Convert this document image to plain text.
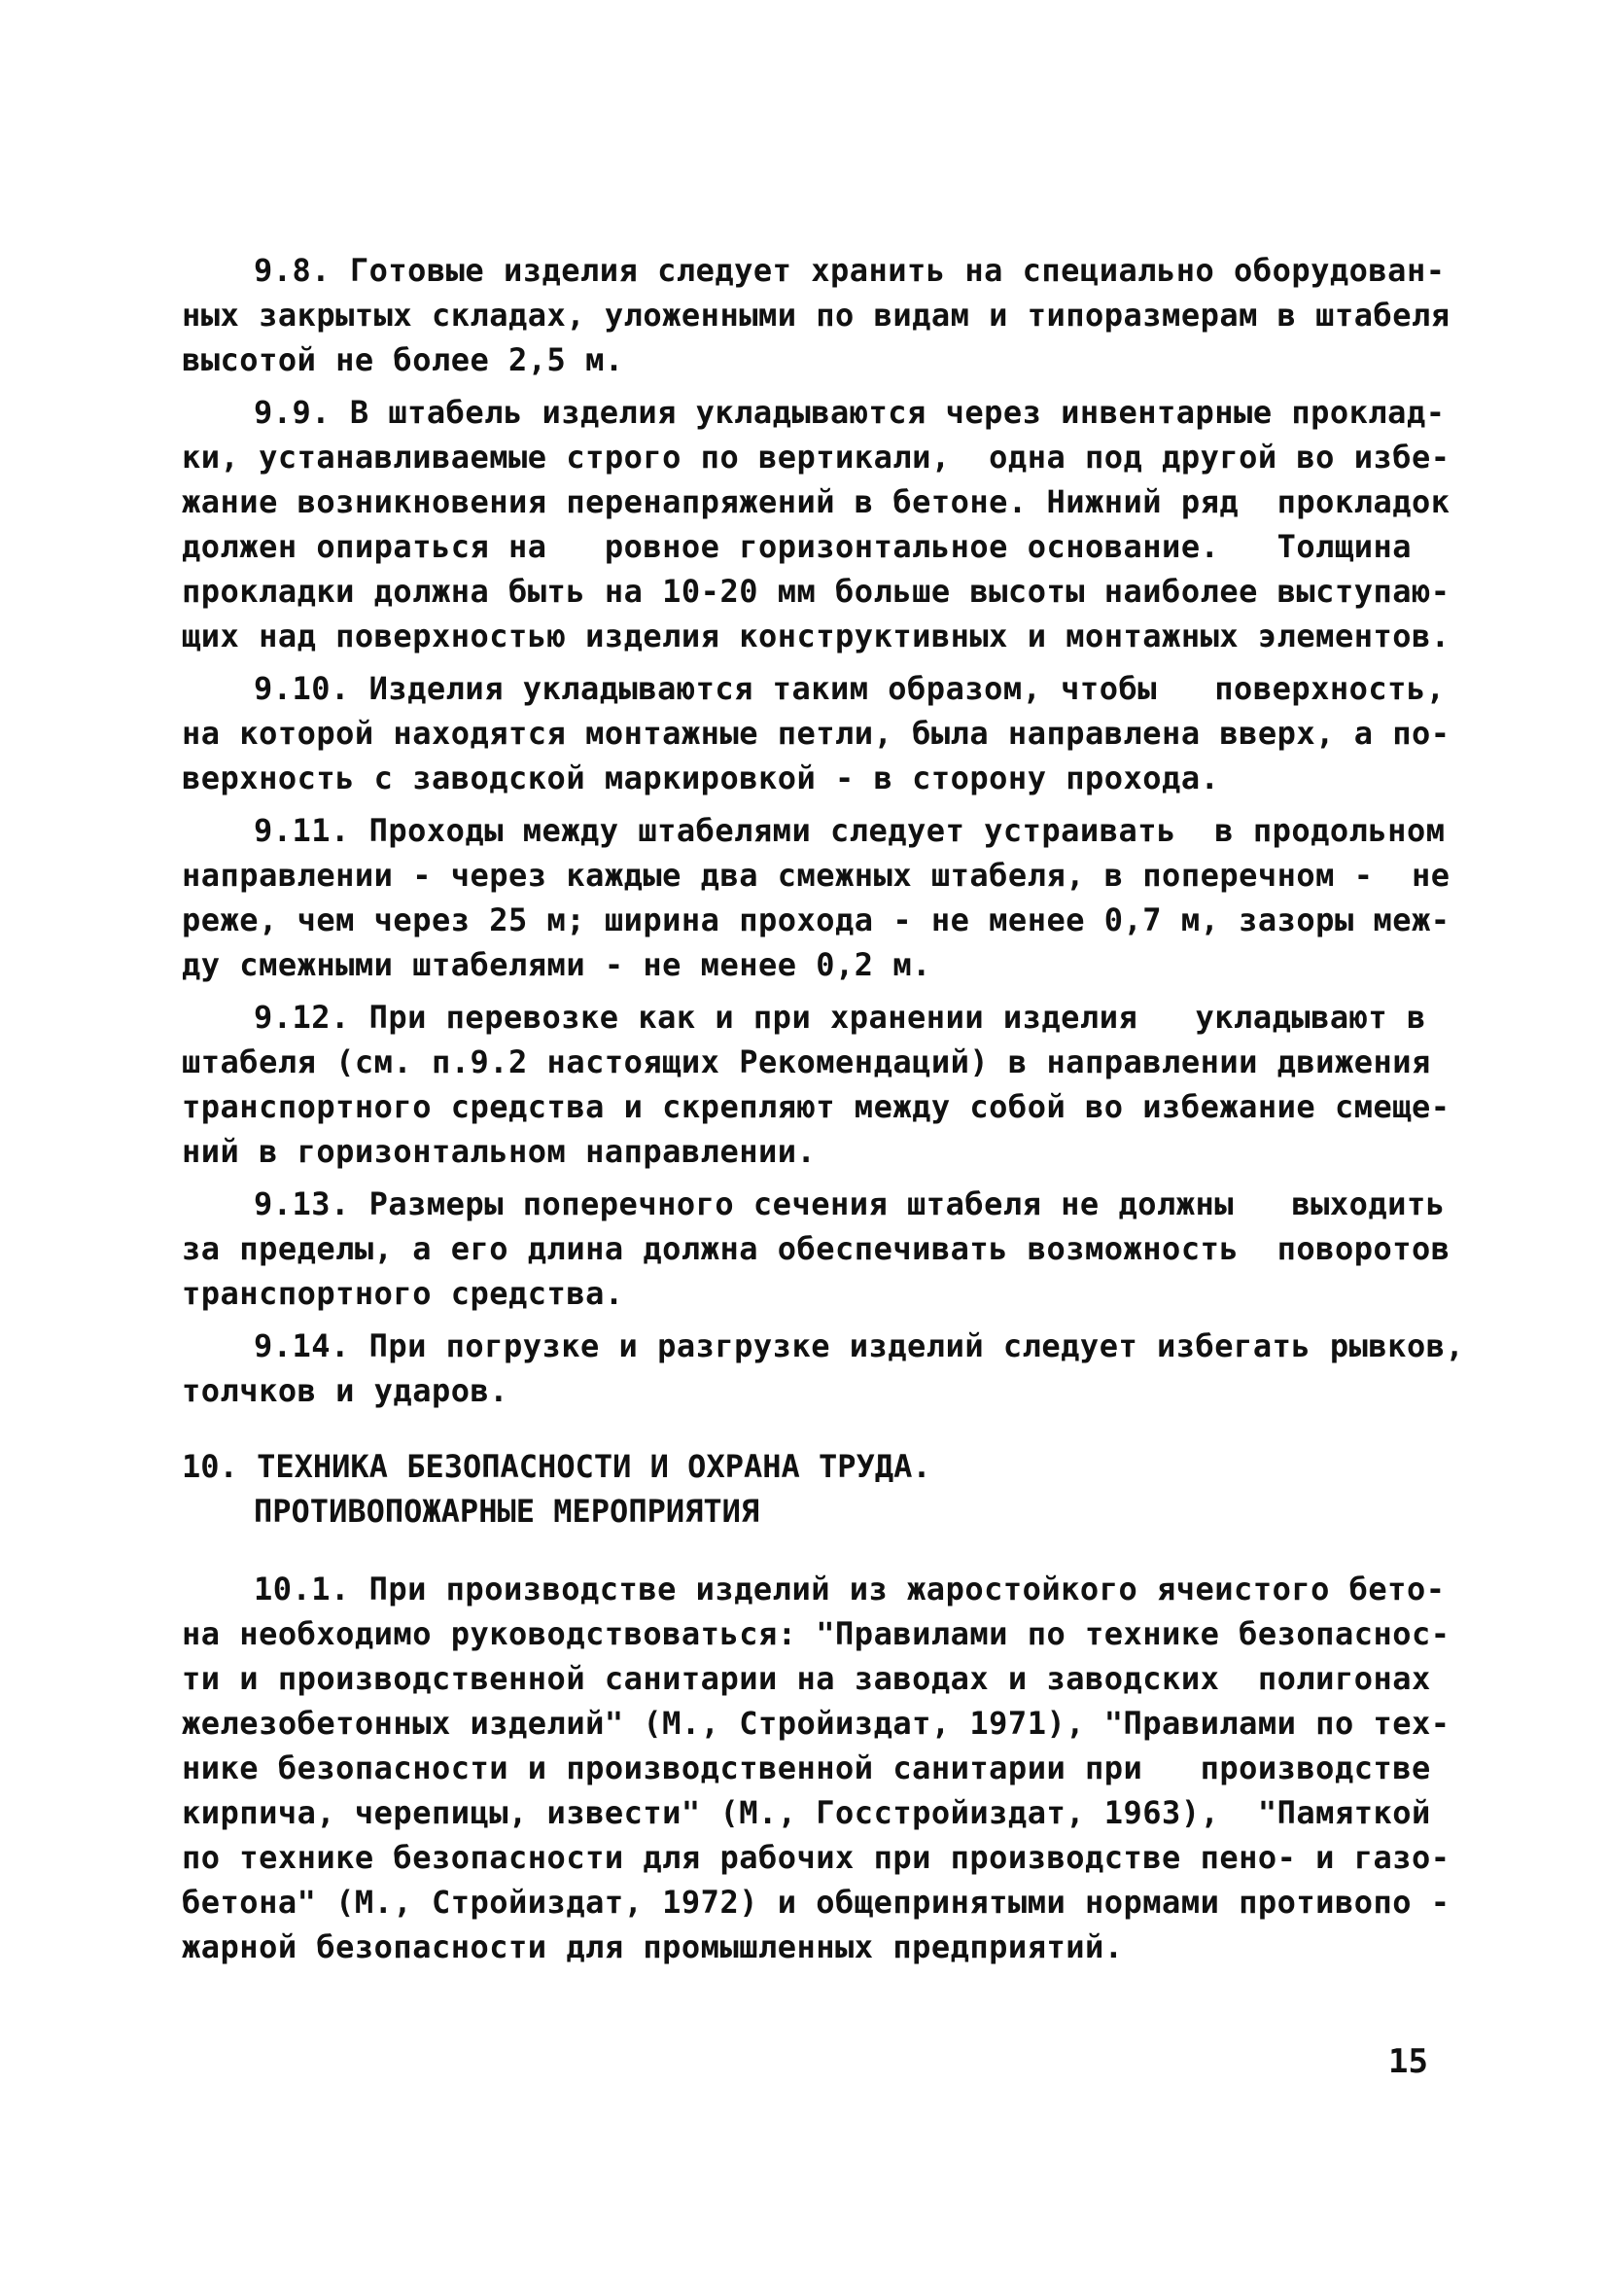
9.8. Готовые изделия следует хранить на специально оборудован-
ных закрытых складах, уложенными по видам и типоразмерам в штабеля
высотой не более 2,5 м.
9.9. В штабель изделия укладываются через инвентарные проклад-
ки, устанавливаемые строго по вертикали,  одна под другой во избе-
жание возникновения перенапряжений в бетоне. Нижний ряд  прокладок
должен опираться на   ровное горизонтальное основание.   Толщина
прокладки должна быть на 10-20 мм больше высоты наиболее выступаю-
щих над поверхностью изделия конструктивных и монтажных элементов.
9.10. Изделия укладываются таким образом, чтобы   поверхность,
на которой находятся монтажные петли, была направлена вверх, а по-
верхность с заводской маркировкой - в сторону прохода.
9.11. Проходы между штабелями следует устраивать  в продольном
направлении - через каждые два смежных штабеля, в поперечном -  не
реже, чем через 25 м; ширина прохода - не менее 0,7 м, зазоры меж-
ду смежными штабелями - не менее 0,2 м.
9.12. При перевозке как и при хранении изделия   укладывают в
штабеля (см. п.9.2 настоящих Рекомендаций) в направлении движения
транспортного средства и скрепляют между собой во избежание смеще-
ний в горизонтальном направлении.
9.13. Размеры поперечного сечения штабеля не должны   выходить
за пределы, а его длина должна обеспечивать возможность  поворотов
транспортного средства.
9.14. При погрузке и разгрузке изделий следует избегать рывков,
толчков и ударов.
10. ТЕХНИКА БЕЗОПАСНОСТИ И ОХРАНА ТРУДА.
ПРОТИВОПОЖАРНЫЕ МЕРОПРИЯТИЯ
10.1. При производстве изделий из жаростойкого ячеистого бето-
на необходимо руководствоваться: "Правилами по технике безопаснос-
ти и производственной санитарии на заводах и заводских  полигонах
железобетонных изделий" (М., Стройиздат, 1971), "Правилами по тех-
нике безопасности и производственной санитарии при   производстве
кирпича, черепицы, извести" (М., Госстройиздат, 1963),  "Памяткой
по технике безопасности для рабочих при производстве пено- и газо-
бетона" (М., Стройиздат, 1972) и общепринятыми нормами противопо -
жарной безопасности для промышленных предприятий.
15
